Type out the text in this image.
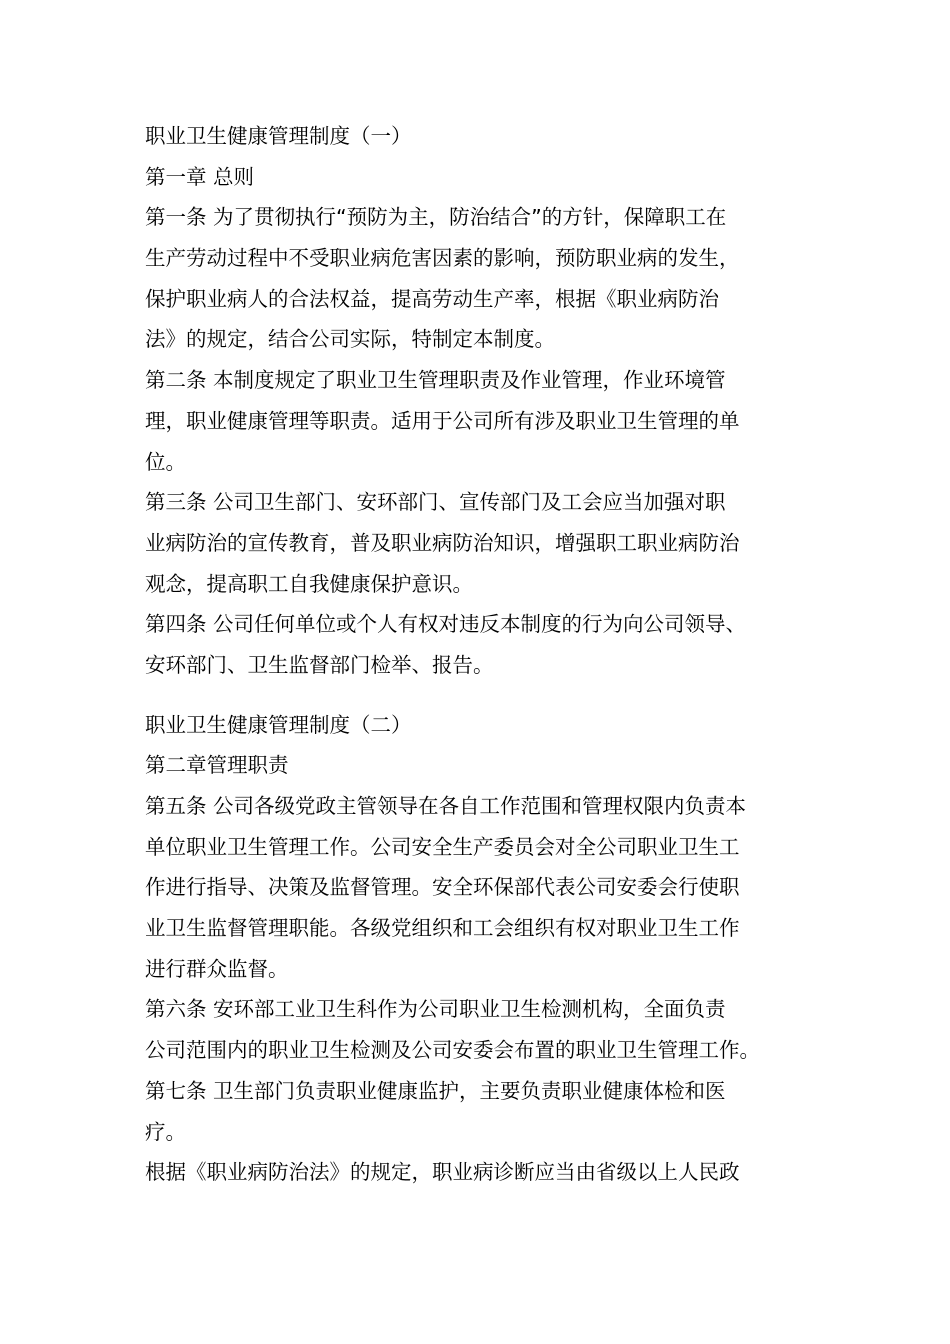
职业卫生健康管理制度（一）
第一章 总则
第一条 为了贯彻执行“预防为主，防治结合”的方针，保障职工在
生产劳动过程中不受职业病危害因素的影响，预防职业病的发生，
保护职业病人的合法权益，提高劳动生产率，根据《职业病防治
法》的规定，结合公司实际，特制定本制度。
第二条 本制度规定了职业卫生管理职责及作业管理，作业环境管
理，职业健康管理等职责。适用于公司所有涉及职业卫生管理的单
位。
第三条 公司卫生部门、安环部门、宣传部门及工会应当加强对职
业病防治的宣传教育，普及职业病防治知识，增强职工职业病防治
观念，提高职工自我健康保护意识。
第四条 公司任何单位或个人有权对违反本制度的行为向公司领导、
安环部门、卫生监督部门检举、报告。
职业卫生健康管理制度（二）
第二章管理职责
第五条 公司各级党政主管领导在各自工作范围和管理权限内负责本
单位职业卫生管理工作。公司安全生产委员会对全公司职业卫生工
作进行指导、决策及监督管理。安全环保部代表公司安委会行使职
业卫生监督管理职能。各级党组织和工会组织有权对职业卫生工作
进行群众监督。
第六条 安环部工业卫生科作为公司职业卫生检测机构，全面负责
公司范围内的职业卫生检测及公司安委会布置的职业卫生管理工作。
第七条 卫生部门负责职业健康监护，主要负责职业健康体检和医
疗。
根据《职业病防治法》的规定，职业病诊断应当由省级以上人民政
